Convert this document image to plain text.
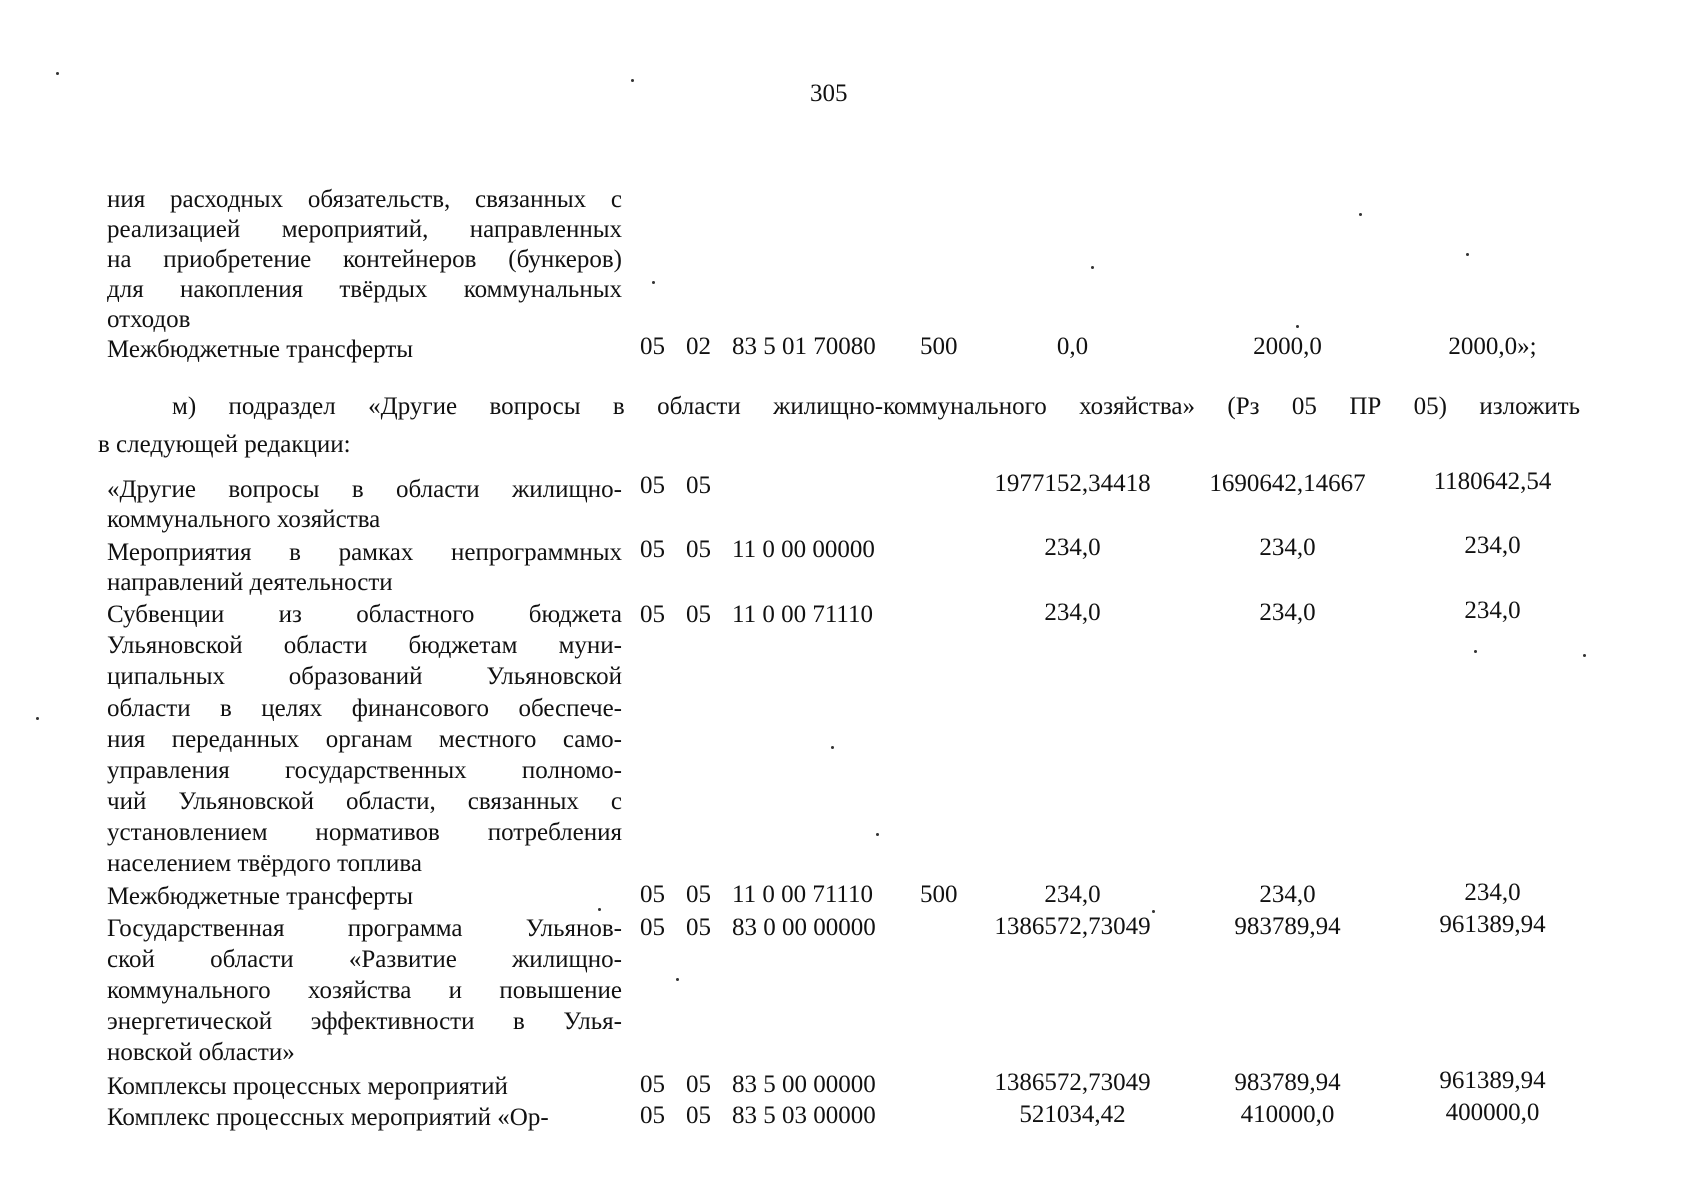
305
ния расходных обязательств, связанных с
реализацией мероприятий, направленных
на приобретение контейнеров (бункеров)
для накопления твёрдых коммунальных
отходов
Межбюджетные трансферты	05 02 83 5 01 70080 500	0,0	2000,0	2000,0»;
м) подраздел «Другие вопросы в области жилищно-коммунального хозяйства» (Рз 05 ПР 05) изложить
в следующей редакции:
«Другие вопросы в области жилищно-
коммунального хозяйства
05 05	1977152,34418	1690642,14667	1180642,54
Мероприятия в рамках непрограммных
направлений деятельности
05 05 11 0 00 00000	234,0	234,0	234,0
Субвенции из областного бюджета
Ульяновской области бюджетам муни-
ципальных образований Ульяновской
области в целях финансового обеспече-
ния переданных органам местного само-
управления государственных полномо-
чий Ульяновской области, связанных с
установлением нормативов потребления
населением твёрдого топлива
05 05 11 0 00 71110	234,0	234,0	234,0
Межбюджетные трансферты	05 05 11 0 00 71110 500	234,0	234,0	234,0
Государственная программа Ульянов-
ской области «Развитие жилищно-
коммунального хозяйства и повышение
энергетической эффективности в Улья-
новской области»
05 05 83 0 00 00000	1386572,73049	983789,94	961389,94
Комплексы процессных мероприятий	05 05 83 5 00 00000	1386572,73049	983789,94	961389,94
Комплекс процессных мероприятий «Ор-	05 05 83 5 03 00000	521034,42	410000,0	400000,0
